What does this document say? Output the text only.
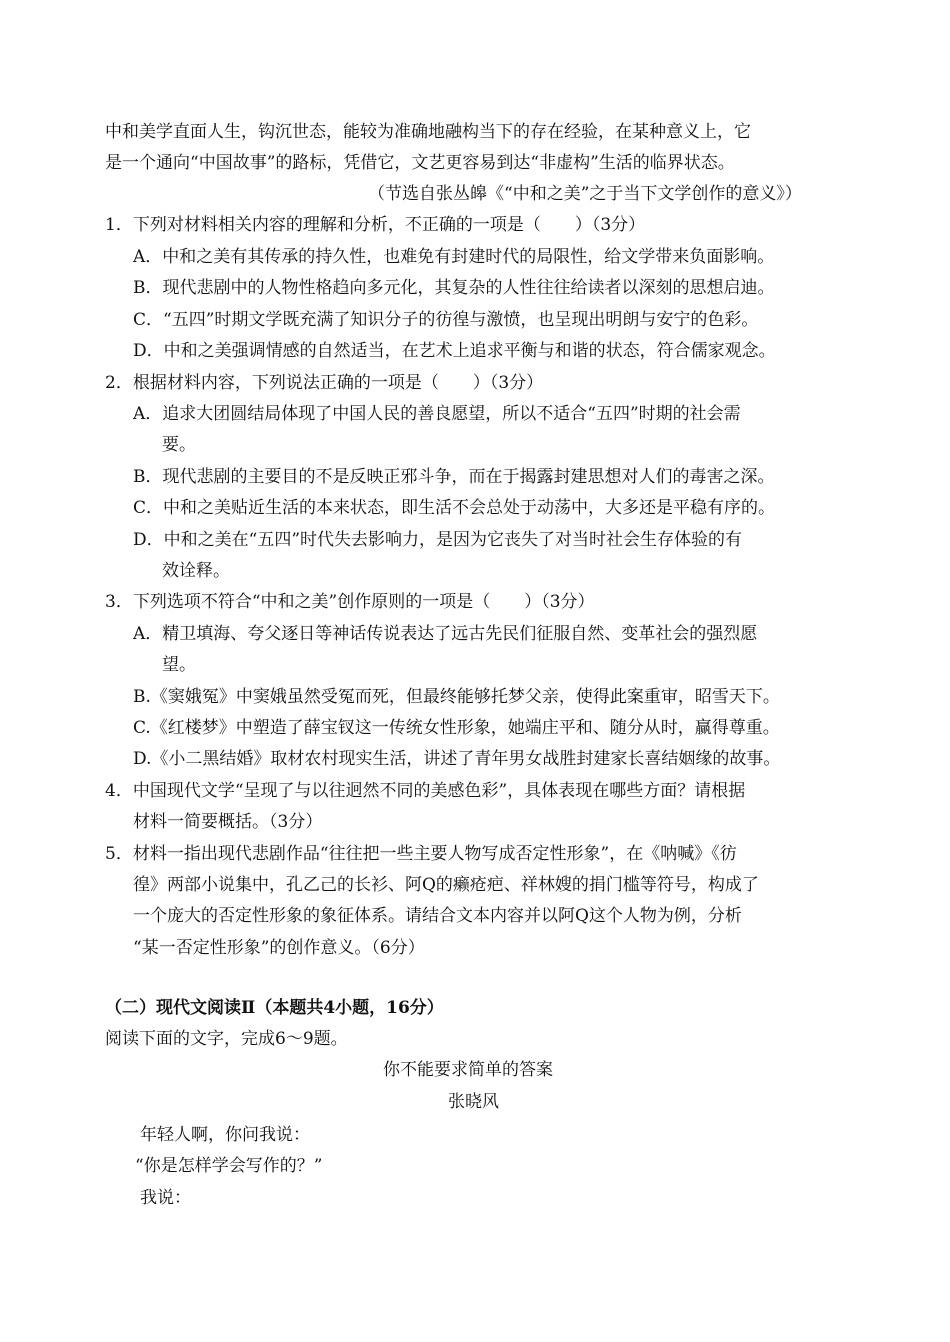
中和美学直面人生，钩沉世态，能较为准确地融构当下的存在经验，在某种意义上，它
是一个通向“中国故事”的路标，凭借它，文艺更容易到达“非虚构”生活的临界状态。
（节选自张丛皞《“中和之美”之于当下文学创作的意义》）
1．下列对材料相关内容的理解和分析，不正确的一项是（　　）（3分）
A．中和之美有其传承的持久性，也难免有封建时代的局限性，给文学带来负面影响。
B．现代悲剧中的人物性格趋向多元化，其复杂的人性往往给读者以深刻的思想启迪。
C．“五四”时期文学既充满了知识分子的彷徨与激愤，也呈现出明朗与安宁的色彩。
D．中和之美强调情感的自然适当，在艺术上追求平衡与和谐的状态，符合儒家观念。
2．根据材料内容，下列说法正确的一项是（　　）（3分）
A．追求大团圆结局体现了中国人民的善良愿望，所以不适合“五四”时期的社会需
要。
B．现代悲剧的主要目的不是反映正邪斗争，而在于揭露封建思想对人们的毒害之深。
C．中和之美贴近生活的本来状态，即生活不会总处于动荡中，大多还是平稳有序的。
D．中和之美在“五四”时代失去影响力，是因为它丧失了对当时社会生存体验的有
效诠释。
3．下列选项不符合“中和之美”创作原则的一项是（　　）（3分）
A．精卫填海、夸父逐日等神话传说表达了远古先民们征服自然、变革社会的强烈愿
望。
B.《窦娥冤》中窦娥虽然受冤而死，但最终能够托梦父亲，使得此案重审，昭雪天下。
C.《红楼梦》中塑造了薛宝钗这一传统女性形象，她端庄平和、随分从时，赢得尊重。
D.《小二黑结婚》取材农村现实生活，讲述了青年男女战胜封建家长喜结姻缘的故事。
4．中国现代文学“呈现了与以往迥然不同的美感色彩”，具体表现在哪些方面？请根据
材料一简要概括。（3分）
5．材料一指出现代悲剧作品“往往把一些主要人物写成否定性形象”，在《呐喊》《彷
徨》两部小说集中，孔乙己的长衫、阿Q的癞疮疤、祥林嫂的捐门槛等符号，构成了
一个庞大的否定性形象的象征体系。请结合文本内容并以阿Q这个人物为例，分析
“某一否定性形象”的创作意义。（6分）
（二）现代文阅读Ⅱ（本题共4小题，16分）
阅读下面的文字，完成6～9题。
你不能要求简单的答案
张晓风
年轻人啊，你问我说：
“你是怎样学会写作的？”
我说：
